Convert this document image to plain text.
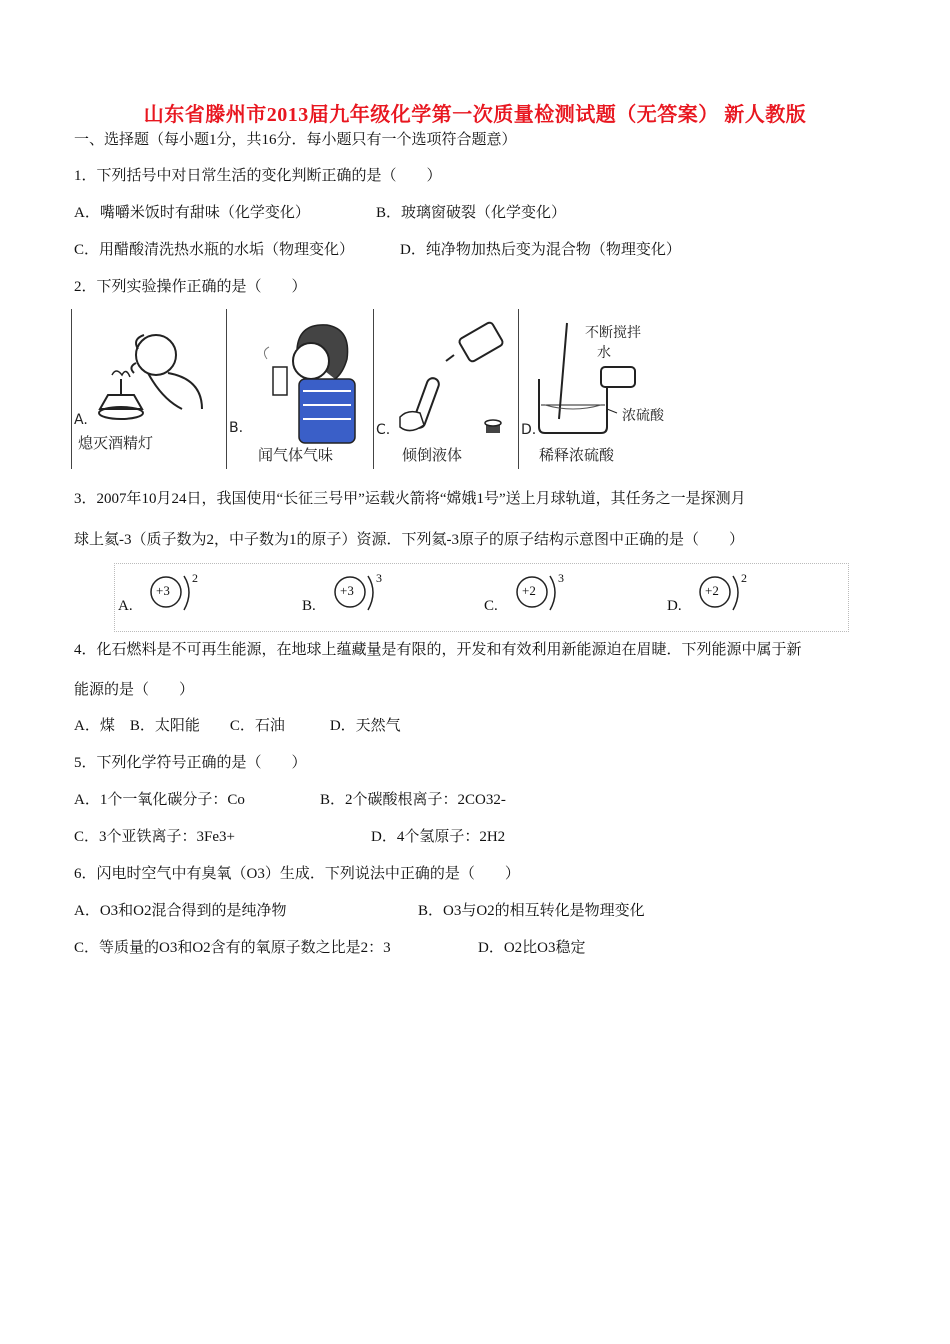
山东省滕州市2013届九年级化学第一次质量检测试题（无答案） 新人教版
一、选择题（每小题1分，共16分．每小题只有一个选项符合题意）
1．下列括号中对日常生活的变化判断正确的是（　　）
A．嘴嚼米饭时有甜味（化学变化）	B．玻璃窗破裂（化学变化）
C．用醋酸清洗热水瓶的水垢（物理变化）	D．纯净物加热后变为混合物（物理变化）
2．下列实验操作正确的是（　　）
A.
熄灭酒精灯
B.
闻气体气味
C.
倾倒液体
不断搅拌
水
浓硫酸
D.
稀释浓硫酸
3．2007年10月24日，我国使用“长征三号甲”运载火箭将“嫦娥1号”送上月球轨道，其任务之一是探测月
球上氦-3（质子数为2，中子数为1的原子）资源．下列氦-3原子的原子结构示意图中正确的是（　　）
A.
+3
2
B.
+3
3
C.
+2
3
D.
+2
2
4．化石燃料是不可再生能源，在地球上蕴藏量是有限的，开发和有效利用新能源迫在眉睫．下列能源中属于新
能源的是（　　）
A．煤　B．太阳能　　C．石油　　　D．天然气
5．下列化学符号正确的是（　　）
A．1个一氧化碳分子：Co	B．2个碳酸根离子：2CO32-
C．3个亚铁离子：3Fe3+	D．4个氢原子：2H2
6．闪电时空气中有臭氧（O3）生成．下列说法中正确的是（　　）
A．O3和O2混合得到的是纯净物	B．O3与O2的相互转化是物理变化
C．等质量的O3和O2含有的氧原子数之比是2：3	D．O2比O3稳定
